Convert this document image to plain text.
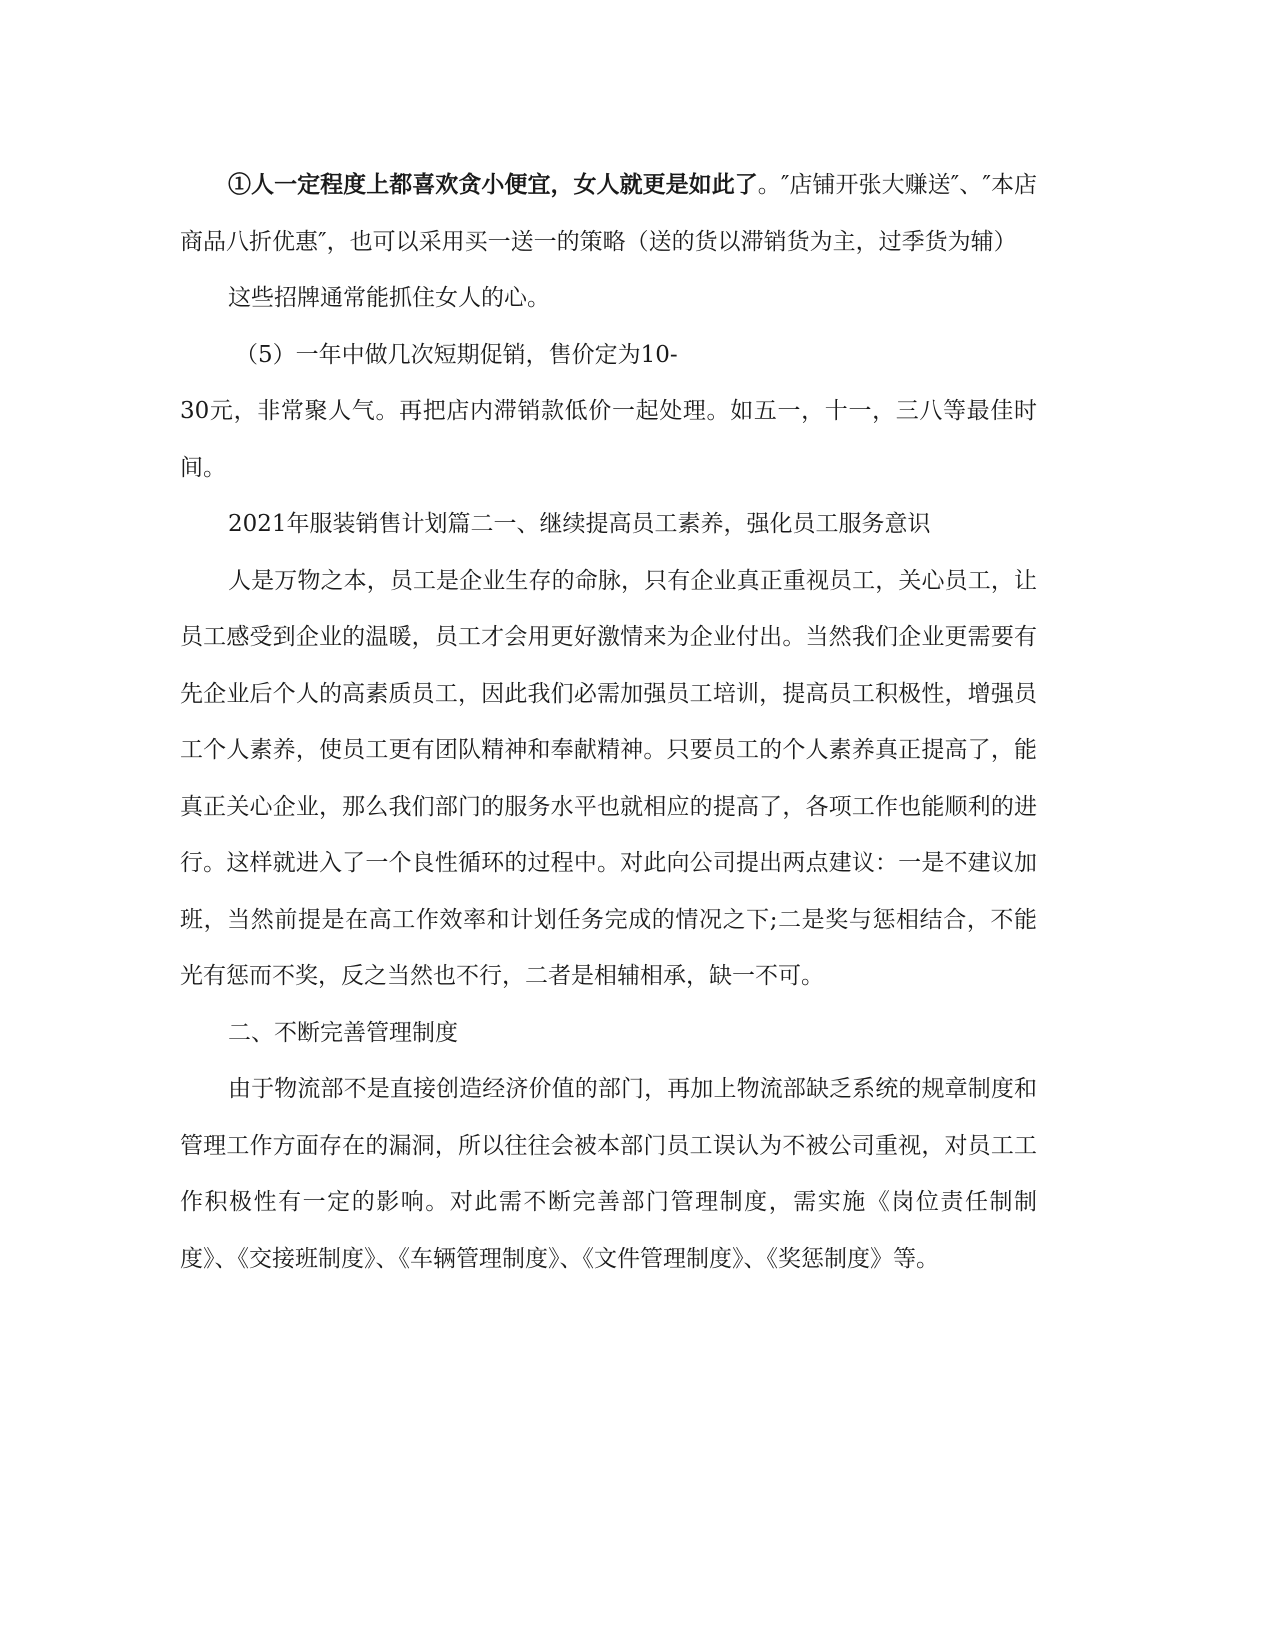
①人一定程度上都喜欢贪小便宜，女人就更是如此了。″店铺开张大赚送″、″本店商品八折优惠″，也可以采用买一送一的策略（送的货以滞销货为主，过季货为辅）

这些招牌通常能抓住女人的心。

（5）一年中做几次短期促销，售价定为10-

30元，非常聚人气。再把店内滞销款低价一起处理。如五一，十一，三八等最佳时间。

2021年服装销售计划篇二一、继续提高员工素养，强化员工服务意识

人是万物之本，员工是企业生存的命脉，只有企业真正重视员工，关心员工，让员工感受到企业的温暖，员工才会用更好激情来为企业付出。当然我们企业更需要有先企业后个人的高素质员工，因此我们必需加强员工培训，提高员工积极性，增强员工个人素养，使员工更有团队精神和奉献精神。只要员工的个人素养真正提高了，能真正关心企业，那么我们部门的服务水平也就相应的提高了，各项工作也能顺利的进行。这样就进入了一个良性循环的过程中。对此向公司提出两点建议：一是不建议加班，当然前提是在高工作效率和计划任务完成的情况之下;二是奖与惩相结合，不能光有惩而不奖，反之当然也不行，二者是相辅相承，缺一不可。

二、不断完善管理制度

由于物流部不是直接创造经济价值的部门，再加上物流部缺乏系统的规章制度和管理工作方面存在的漏洞，所以往往会被本部门员工误认为不被公司重视，对员工工作积极性有一定的影响。对此需不断完善部门管理制度，需实施《岗位责任制制度》、《交接班制度》、《车辆管理制度》、《文件管理制度》、《奖惩制度》等。
